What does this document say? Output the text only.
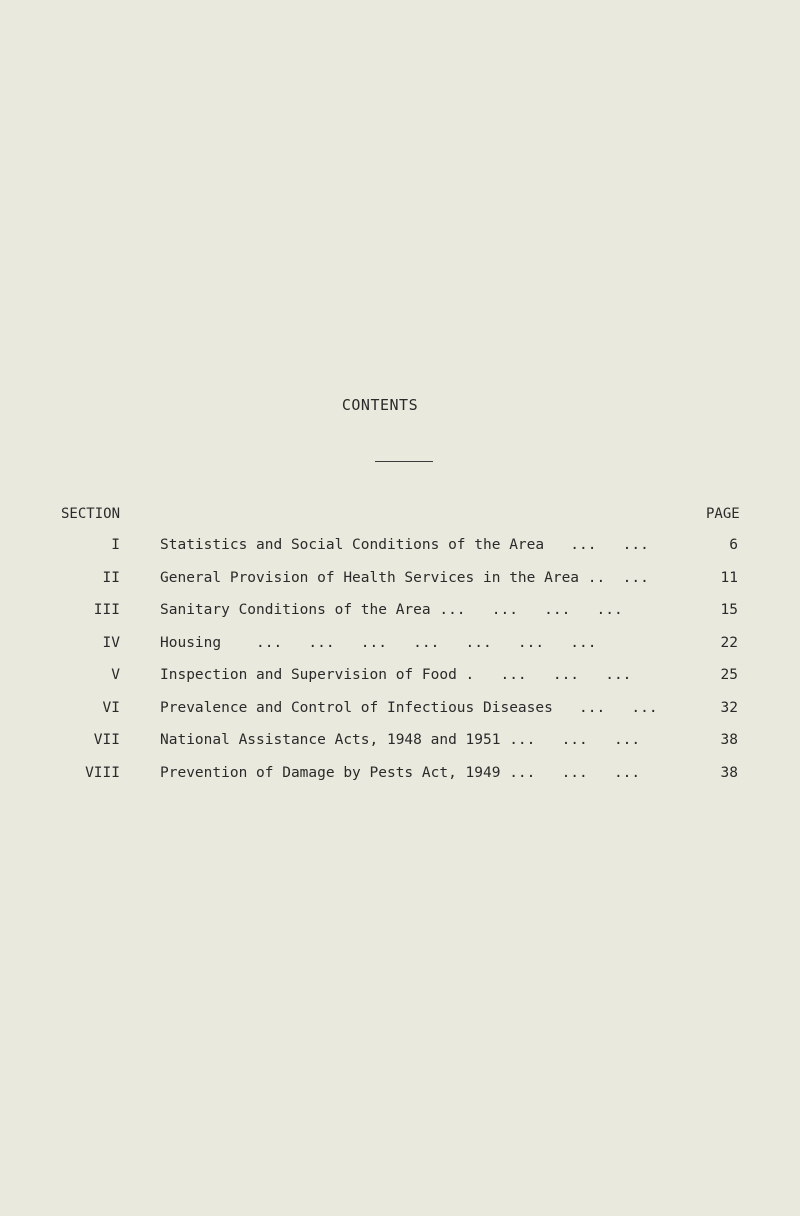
CONTENTS
SECTION	PAGE
I	Statistics and Social Conditions of the Area   ...   ...	6
II	General Provision of Health Services in the Area ..  ...	11
III	Sanitary Conditions of the Area ...   ...   ...   ...	15
IV	Housing    ...   ...   ...   ...   ...   ...   ...	22
V	Inspection and Supervision of Food .   ...   ...   ...	25
VI	Prevalence and Control of Infectious Diseases   ...   ...	32
VII	National Assistance Acts, 1948 and 1951 ...   ...   ...	38
VIII	Prevention of Damage by Pests Act, 1949 ...   ...   ...	38
